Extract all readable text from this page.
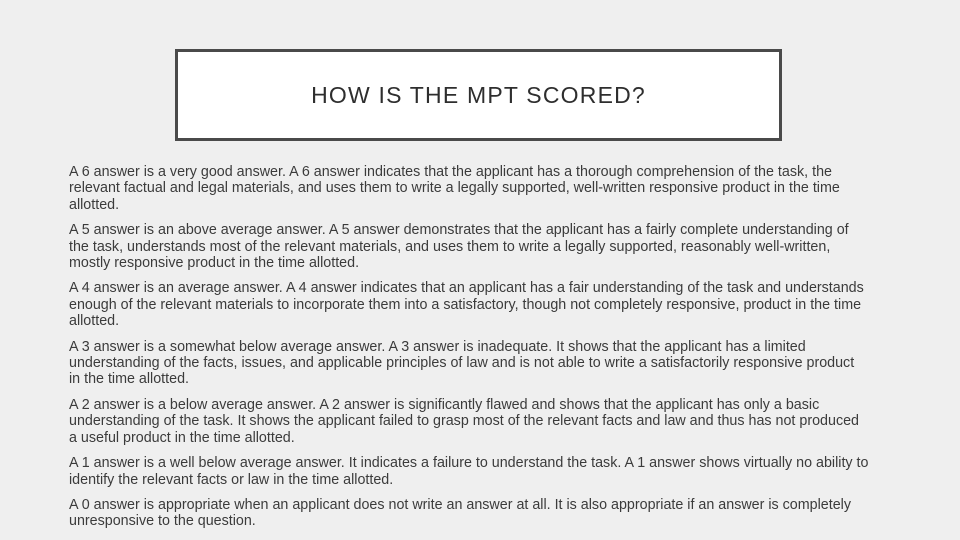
HOW IS THE MPT SCORED?

A 6 answer is a very good answer. A 6 answer indicates that the applicant has a thorough comprehension of the task, the relevant factual and legal materials, and uses them to write a legally supported, well-written responsive product in the time allotted.

A 5 answer is an above average answer. A 5 answer demonstrates that the applicant has a fairly complete understanding of the task, understands most of the relevant materials, and uses them to write a legally supported, reasonably well-written, mostly responsive product in the time allotted.

A 4 answer is an average answer. A 4 answer indicates that an applicant has a fair understanding of the task and understands enough of the relevant materials to incorporate them into a satisfactory, though not completely responsive, product in the time allotted.

A 3 answer is a somewhat below average answer. A 3 answer is inadequate. It shows that the applicant has a limited understanding of the facts, issues, and applicable principles of law and is not able to write a satisfactorily responsive product in the time allotted.

A 2 answer is a below average answer. A 2 answer is significantly flawed and shows that the applicant has only a basic understanding of the task. It shows the applicant failed to grasp most of the relevant facts and law and thus has not produced a useful product in the time allotted.

A 1 answer is a well below average answer. It indicates a failure to understand the task. A 1 answer shows virtually no ability to identify the relevant facts or law in the time allotted.

A 0 answer is appropriate when an applicant does not write an answer at all. It is also appropriate if an answer is completely unresponsive to the question.
